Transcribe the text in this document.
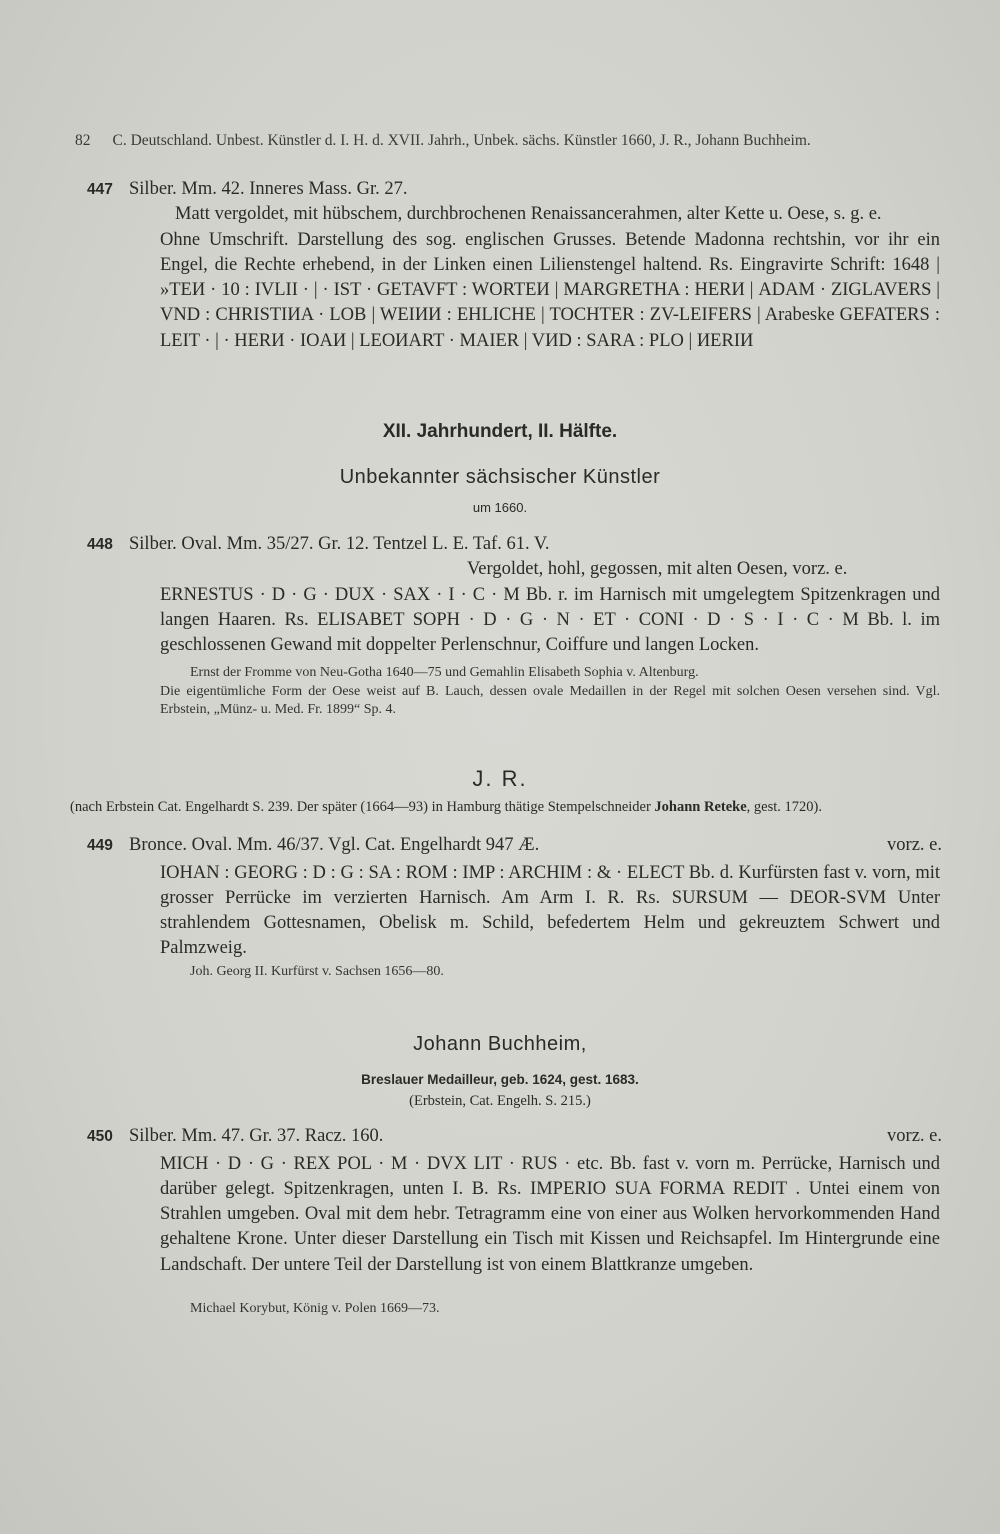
82 C. Deutschland. Unbest. Künstler d. I. H. d. XVII. Jahrh., Unbek. sächs. Künstler 1660, J. R., Johann Buchheim.
447 Silber. Mm. 42. Inneres Mass. Gr. 27.
Matt vergoldet, mit hübschem, durchbrochenen Renaissancerahmen, alter Kette u. Oese, s. g. e.

Ohne Umschrift. Darstellung des sog. englischen Grusses. Betende Madonna rechtshin, vor ihr ein Engel, die Rechte erhebend, in der Linken einen Lilienstengel haltend. Rs. Eingravirte Schrift: 1648 | »TEИ · 10 : IVLII · | · IST · GETAVFT : WORTEИ | MARGRETHA : HERИ | ADAM · ZIGLAVERS | VND : CHRISTIИA · LOB | WEIИИ : EHLICHE | TOCHTER : ZV-LEIFERS | Arabeske GEFATERS : LEIT · | · HERИ · IOAИ | LEOИART · MAIER | VИD : SARA : PLO | ИERIИ

XII. Jahrhundert, II. Hälfte.
Unbekannter sächsischer Künstler
um 1660.
448 Silber. Oval. Mm. 35/27. Gr. 12. Tentzel L. E. Taf. 61. V.
Vergoldet, hohl, gegossen, mit alten Oesen, vorz. e.

ERNESTUS · D · G · DUX · SAX · I · C · M Bb. r. im Harnisch mit umgelegtem Spitzenkragen und langen Haaren. Rs. ELISABET SOPH · D · G · N · ET · CONI · D · S · I · C · M Bb. l. im geschlossenen Gewand mit doppelter Perlenschnur, Coiffure und langen Locken.

Ernst der Fromme von Neu-Gotha 1640—75 und Gemahlin Elisabeth Sophia v. Altenburg.
Die eigentümliche Form der Oese weist auf B. Lauch, dessen ovale Medaillen in der Regel mit solchen Oesen versehen sind. Vgl. Erbstein, „Münz- u. Med. Fr. 1899“ Sp. 4.
J. R.
(nach Erbstein Cat. Engelhardt S. 239. Der später (1664—93) in Hamburg thätige Stempelschneider Johann Reteke, gest. 1720).
449 Bronce. Oval. Mm. 46/37. Vgl. Cat. Engelhardt 947 Æ.	vorz. e.

IOHAN : GEORG : D : G : SA : ROM : IMP : ARCHIM : & · ELECT Bb. d. Kurfürsten fast v. vorn, mit grosser Perrücke im verzierten Harnisch. Am Arm I. R. Rs. SURSUM — DEOR-SVM Unter strahlendem Gottesnamen, Obelisk m. Schild, befedertem Helm und gekreuztem Schwert und Palmzweig.

Joh. Georg II. Kurfürst v. Sachsen 1656—80.
Johann Buchheim,
Breslauer Medailleur, geb. 1624, gest. 1683.
(Erbstein, Cat. Engelh. S. 215.)
450 Silber. Mm. 47. Gr. 37. Racz. 160.	vorz. e.

MICH · D · G · REX POL · M · DVX LIT · RUS · etc. Bb. fast v. vorn m. Perrücke, Harnisch und darüber gelegt. Spitzenkragen, unten I. B. Rs. IMPERIO SUA FORMA REDIT . Untei einem von Strahlen umgeben. Oval mit dem hebr. Tetragramm eine von einer aus Wolken hervorkommenden Hand gehaltene Krone. Unter dieser Darstellung ein Tisch mit Kissen und Reichsapfel. Im Hintergrunde eine Landschaft. Der untere Teil der Darstellung ist von einem Blattkranze umgeben.

Michael Korybut, König v. Polen 1669—73.
